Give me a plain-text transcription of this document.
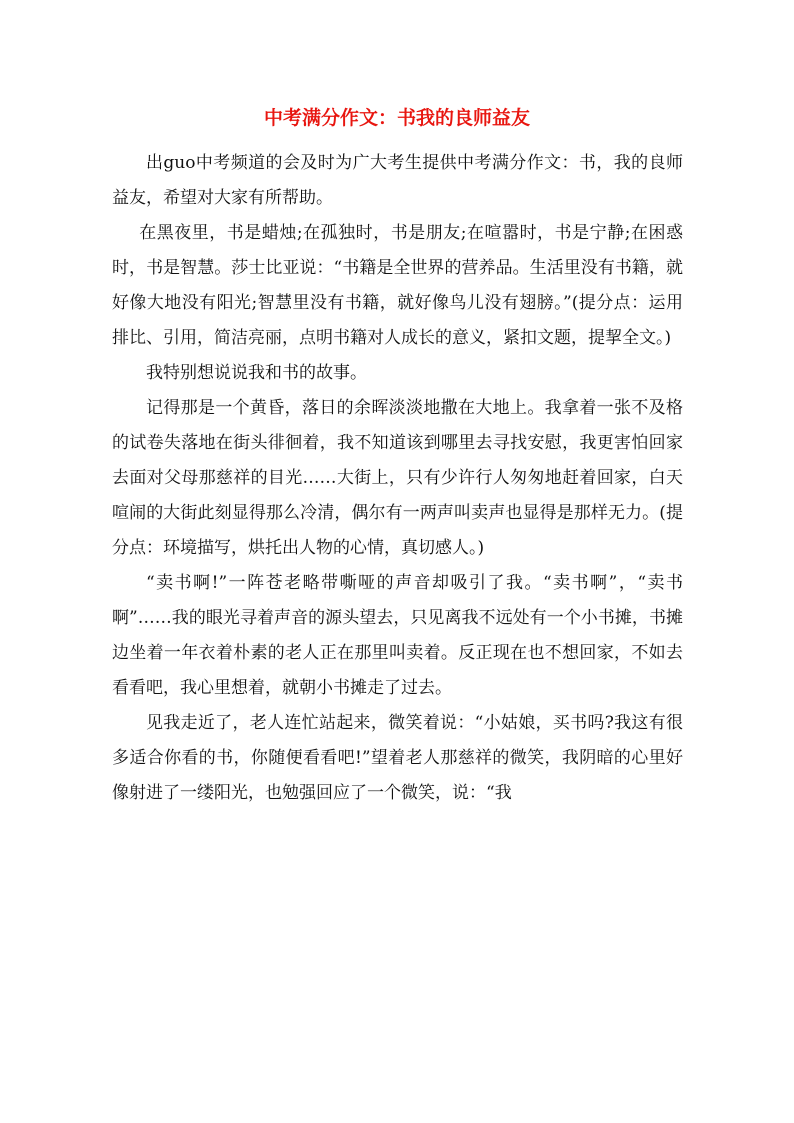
中考满分作文：书我的良师益友

出guo中考频道的会及时为广大考生提供中考满分作文：书，我的良师益友，希望对大家有所帮助。

在黑夜里，书是蜡烛;在孤独时，书是朋友;在喧嚣时，书是宁静;在困惑时，书是智慧。莎士比亚说：“书籍是全世界的营养品。生活里没有书籍，就好像大地没有阳光;智慧里没有书籍，就好像鸟儿没有翅膀。”(提分点：运用排比、引用，简洁亮丽，点明书籍对人成长的意义，紧扣文题，提挈全文。)

我特别想说说我和书的故事。

记得那是一个黄昏，落日的余晖淡淡地撒在大地上。我拿着一张不及格的试卷失落地在街头徘徊着，我不知道该到哪里去寻找安慰，我更害怕回家去面对父母那慈祥的目光……大街上，只有少许行人匆匆地赶着回家，白天喧闹的大街此刻显得那么冷清，偶尔有一两声叫卖声也显得是那样无力。(提分点：环境描写，烘托出人物的心情，真切感人。)

“卖书啊!”一阵苍老略带嘶哑的声音却吸引了我。“卖书啊”，“卖书啊”……我的眼光寻着声音的源头望去，只见离我不远处有一个小书摊，书摊边坐着一年衣着朴素的老人正在那里叫卖着。反正现在也不想回家，不如去看看吧，我心里想着，就朝小书摊走了过去。

见我走近了，老人连忙站起来，微笑着说：“小姑娘，买书吗?我这有很多适合你看的书，你随便看看吧!”望着老人那慈祥的微笑，我阴暗的心里好像射进了一缕阳光，也勉强回应了一个微笑，说：“我
